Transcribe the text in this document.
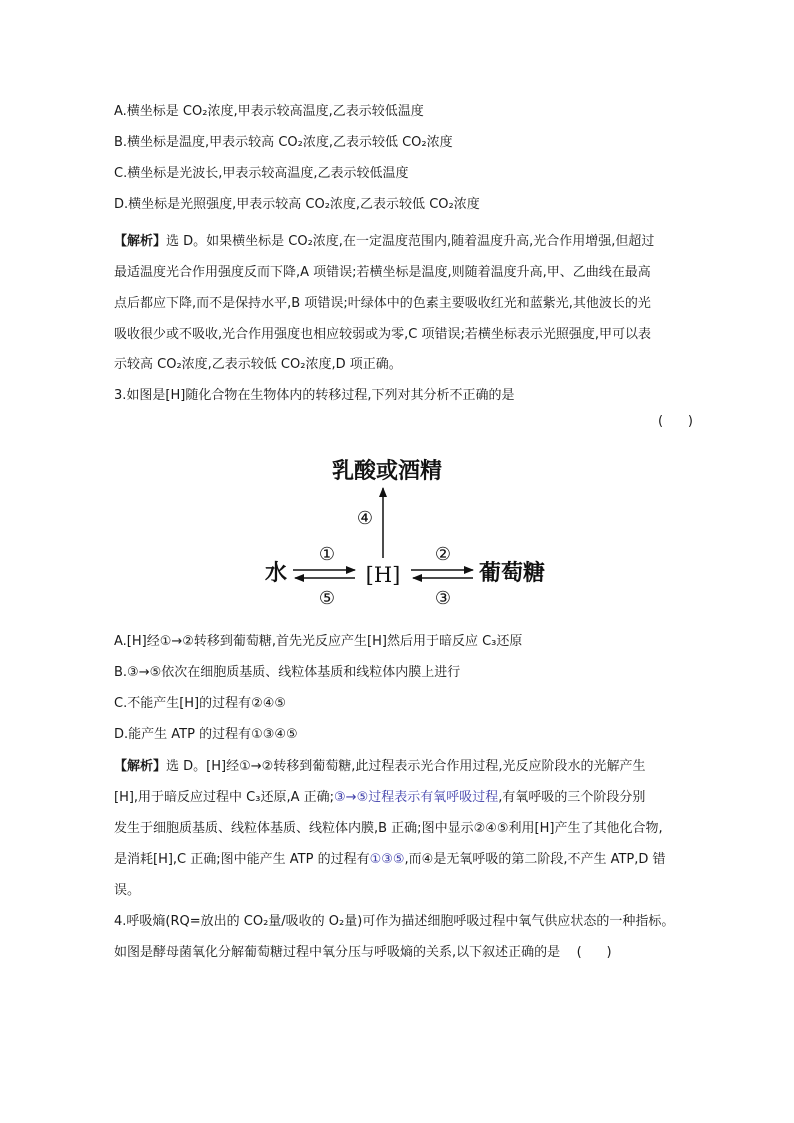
A.横坐标是 CO₂浓度,甲表示较高温度,乙表示较低温度
B.横坐标是温度,甲表示较高 CO₂浓度,乙表示较低 CO₂浓度
C.横坐标是光波长,甲表示较高温度,乙表示较低温度
D.横坐标是光照强度,甲表示较高 CO₂浓度,乙表示较低 CO₂浓度
【解析】选 D。如果横坐标是 CO₂浓度,在一定温度范围内,随着温度升高,光合作用增强,但超过
最适温度光合作用强度反而下降,A 项错误;若横坐标是温度,则随着温度升高,甲、乙曲线在最高
点后都应下降,而不是保持水平,B 项错误;叶绿体中的色素主要吸收红光和蓝紫光,其他波长的光
吸收很少或不吸收,光合作用强度也相应较弱或为零,C 项错误;若横坐标表示光照强度,甲可以表
示较高 CO₂浓度,乙表示较低 CO₂浓度,D 项正确。
3.如图是[H]随化合物在生物体内的转移过程,下列对其分析不正确的是
(      )
乳酸或酒精
④
水
①
⑤
[H]
②
③
葡萄糖
A.[H]经①→②转移到葡萄糖,首先光反应产生[H]然后用于暗反应 C₃还原
B.③→⑤依次在细胞质基质、线粒体基质和线粒体内膜上进行
C.不能产生[H]的过程有②④⑤
D.能产生 ATP 的过程有①③④⑤
【解析】选 D。[H]经①→②转移到葡萄糖,此过程表示光合作用过程,光反应阶段水的光解产生
[H],用于暗反应过程中 C₃还原,A 正确;③→⑤过程表示有氧呼吸过程,有氧呼吸的三个阶段分别
发生于细胞质基质、线粒体基质、线粒体内膜,B 正确;图中显示②④⑤利用[H]产生了其他化合物,
是消耗[H],C 正确;图中能产生 ATP 的过程有①③⑤,而④是无氧呼吸的第二阶段,不产生 ATP,D 错
误。
4.呼吸熵(RQ=放出的 CO₂量/吸收的 O₂量)可作为描述细胞呼吸过程中氧气供应状态的一种指标。
如图是酵母菌氧化分解葡萄糖过程中氧分压与呼吸熵的关系,以下叙述正确的是 (      )
